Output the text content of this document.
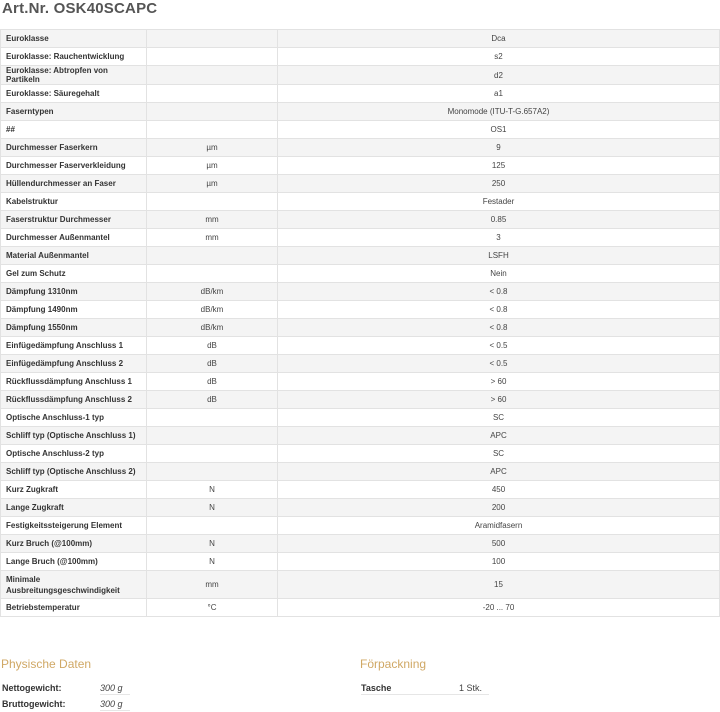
Art.Nr. OSK40SCAPC
Euroklasse		Dca
Euroklasse: Rauchentwicklung		s2
Euroklasse: Abtropfen von Partikeln		d2
Euroklasse: Säuregehalt		a1
Faserntypen		Monomode (ITU-T-G.657A2)
##		OS1
Durchmesser Faserkern	µm	9
Durchmesser Faserverkleidung	µm	125
Hüllendurchmesser an Faser	µm	250
Kabelstruktur		Festader
Faserstruktur Durchmesser	mm	0.85
Durchmesser Außenmantel	mm	3
Material Außenmantel		LSFH
Gel zum Schutz		Nein
Dämpfung 1310nm	dB/km	< 0.8
Dämpfung 1490nm	dB/km	< 0.8
Dämpfung 1550nm	dB/km	< 0.8
Einfügedämpfung Anschluss 1	dB	< 0.5
Einfügedämpfung Anschluss 2	dB	< 0.5
Rückflussdämpfung Anschluss 1	dB	> 60
Rückflussdämpfung Anschluss 2	dB	> 60
Optische Anschluss-1 typ		SC
Schliff typ (Optische Anschluss 1)		APC
Optische Anschluss-2 typ		SC
Schliff typ (Optische Anschluss 2)		APC
Kurz Zugkraft	N	450
Lange Zugkraft	N	200
Festigkeitssteigerung Element		Aramidfasern
Kurz Bruch (@100mm)	N	500
Lange Bruch (@100mm)	N	100
Minimale Ausbreitungsgeschwindigkeit	mm	15
Betriebstemperatur	°C	-20 ... 70
Physische Daten
Nettogewicht:	300 g
Bruttogewicht:	300 g
Förpackning
Tasche	1 Stk.
